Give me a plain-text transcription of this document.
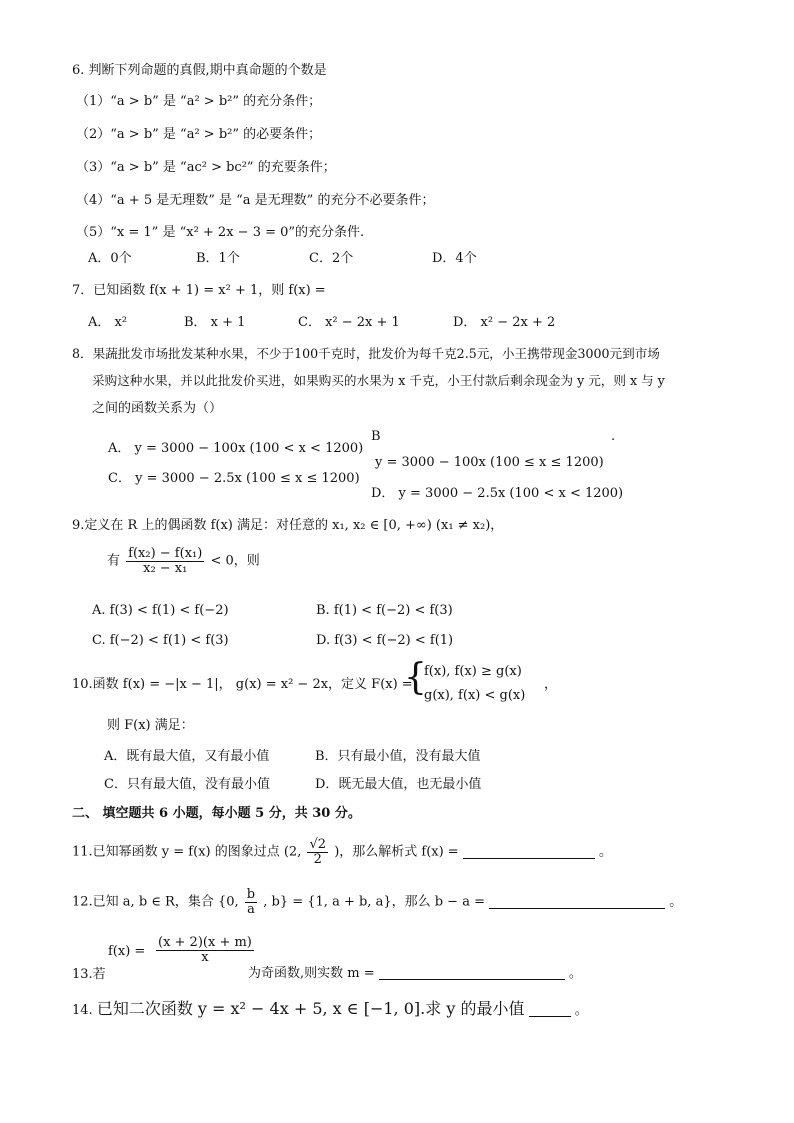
6. 判断下列命题的真假,期中真命题的个数是
（1）“a > b” 是 “a² > b²” 的充分条件；
（2）“a > b” 是 “a² > b²” 的必要条件；
（3）“a > b” 是 “ac² > bc²” 的充要条件；
（4）“a + 5 是无理数” 是 “a 是无理数” 的充分不必要条件；
（5）“x = 1” 是 “x² + 2x − 3 = 0”的充分条件.
A．0个	B．1个	C．2个	D．4个
7．已知函数 f(x + 1) = x² + 1，则 f(x) =
A． x²	B． x + 1	C． x² − 2x + 1	D． x² − 2x + 2
8．果蔬批发市场批发某种水果，不少于100千克时，批发价为每千克2.5元，小王携带现金3000元到市场
采购这种水果，并以此批发价买进，如果购买的水果为 x 千克，小王付款后剩余现金为 y 元，则 x 与 y
之间的函数关系为（）
A． y = 3000 − 100x (100 < x < 1200)
B	.
y = 3000 − 100x (100 ≤ x ≤ 1200)
C． y = 3000 − 2.5x (100 ≤ x ≤ 1200)
D． y = 3000 − 2.5x (100 < x < 1200)
9.定义在 R 上的偶函数 f(x) 满足：对任意的 x₁, x₂ ∈ [0, +∞) (x₁ ≠ x₂)，
有 $\frac{\text{f(x₂) − f(x₁)}}{\text{x₂ − x₁}} < 0$，则
A. f(3) < f(1) < f(−2)	B. f(1) < f(−2) < f(3)
C. f(−2) < f(1) < f(3)	D. f(3) < f(−2) < f(1)
10.函数 f(x) = −|x − 1|， g(x) = x² − 2x，定义 F(x) =
{
f(x), f(x) ≥ g(x)
g(x), f(x) < g(x)
，
则 F(x) 满足：
A．既有最大值，又有最小值	B．只有最小值，没有最大值
C．只有最大值，没有最小值	D．既无最大值，也无最小值
二、 填空题共 6 小题，每小题 5 分，共 30 分。
11.已知幂函数 y = f(x) 的图象过点 (2, $\frac{√2}{2}$ )，那么解析式 f(x) =	。
12.已知 a, b ∈ R，集合 {0, $\frac{b}{a}$ , b} = {1, a + b, a}，那么 b − a =	。
$f(x) = \frac{(x + 2)(x + m)}{x}$
13.若	为奇函数,则实数 m =	。
14. 已知二次函数 y = x² − 4x + 5, x ∈ [−1, 0].求 y 的最小值	。
